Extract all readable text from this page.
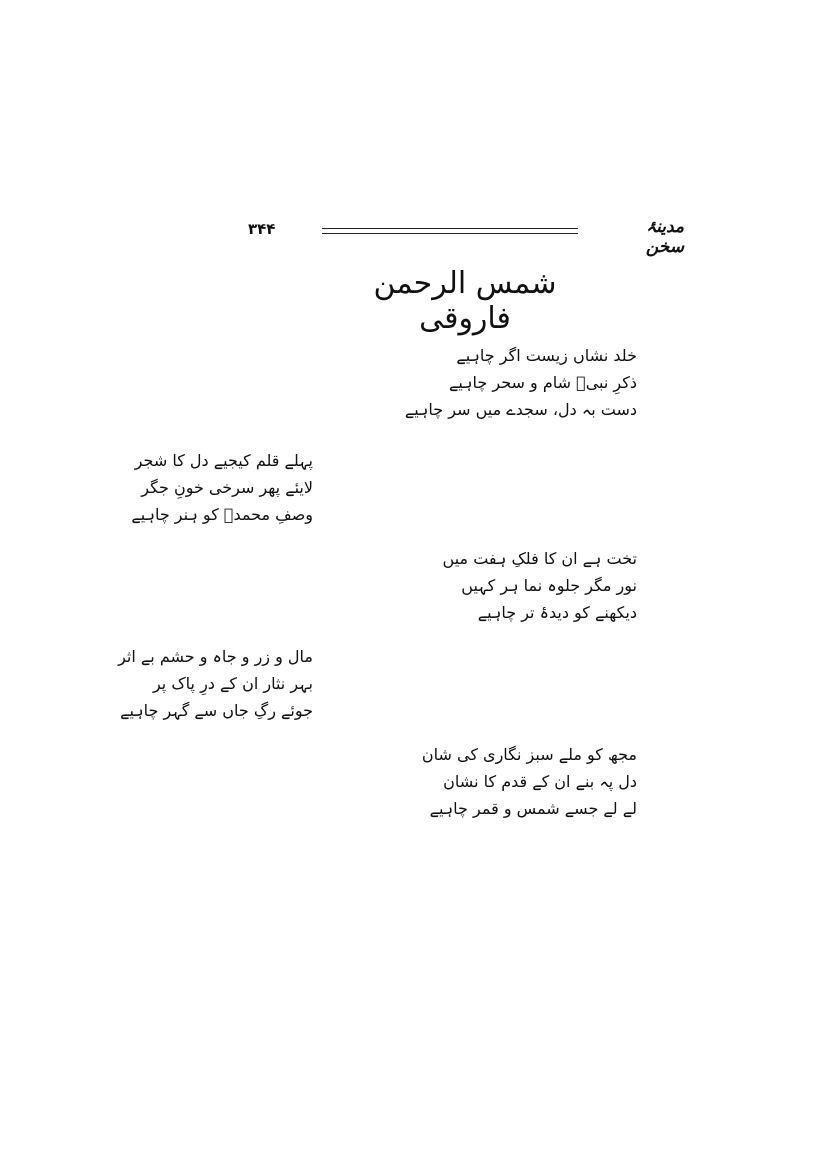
۳۴۴	مدینۂ سخن
شمس الرحمن فاروقی
خلد نشاں زیست اگر چاہیے
ذکرِ نبیؐ شام و سحر چاہیے
دست بہ دل، سجدے میں سر چاہیے
پہلے قلم کیجیے دل کا شجر
لایئے پھر سرخی خونِ جگر
وصفِ محمدؐ کو ہنر چاہیے
تخت ہے ان کا فلکِ ہفت میں
نور مگر جلوہ نما ہر کہیں
دیکھنے کو دیدۂ تر چاہیے
مال و زر و جاہ و حشم بے اثر
بہر نثار ان کے درِ پاک پر
جوئے رگِ جاں سے گہر چاہیے
مجھ کو ملے سبز نگاری کی شان
دل پہ بنے ان کے قدم کا نشان
لے لے جسے شمس و قمر چاہیے
